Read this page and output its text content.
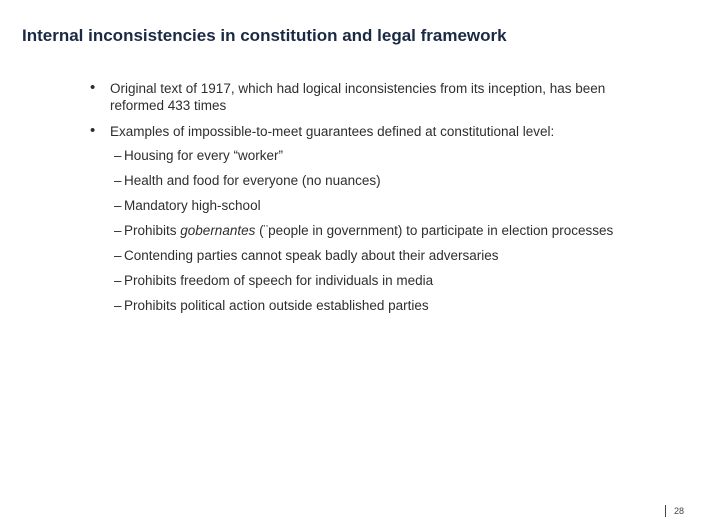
Internal inconsistencies in constitution and legal framework
• Original text of 1917, which had logical inconsistencies from its inception, has been reformed 433 times
• Examples of impossible-to-meet guarantees defined at constitutional level:
– Housing for every “worker”
– Health and food for everyone (no nuances)
– Mandatory high-school
– Prohibits gobernantes (¨people in government) to participate in election processes
– Contending parties cannot speak badly about their adversaries
– Prohibits freedom of speech for individuals in media
– Prohibits political action outside established parties
28
